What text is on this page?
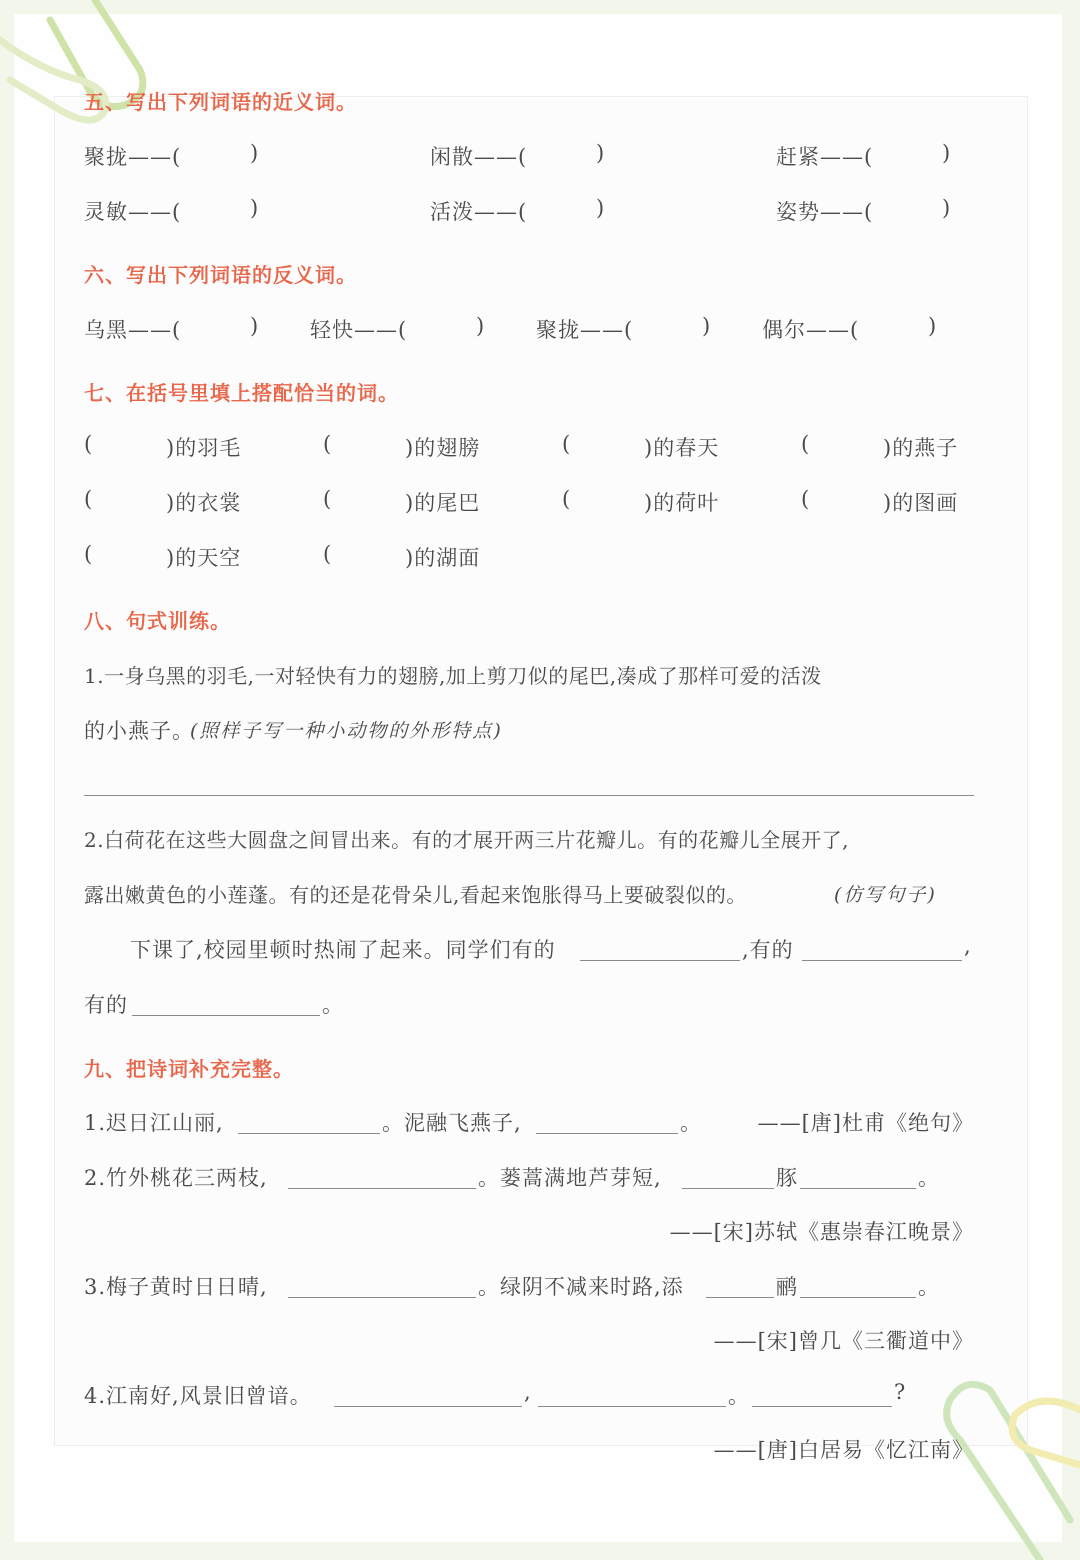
五、写出下列词语的近义词。
聚拢——(	)	闲散——(	)	赶紧——(	)
灵敏——(	)	活泼——(	)	姿势——(	)
六、写出下列词语的反义词。
乌黑——(	) 轻快——(	) 聚拢——(	) 偶尔——(	)
七、在括号里填上搭配恰当的词。
(	)的羽毛	(	)的翅膀	(	)的春天	(	)的燕子
(	)的衣裳	(	)的尾巴	(	)的荷叶	(	)的图画
(	)的天空	(	)的湖面
八、句式训练。
1.一身乌黑的羽毛,一对轻快有力的翅膀,加上剪刀似的尾巴,凑成了那样可爱的活泼
的小燕子。
(照样子写一种小动物的外形特点)
2.白荷花在这些大圆盘之间冒出来。有的才展开两三片花瓣儿。有的花瓣儿全展开了,
露出嫩黄色的小莲蓬。有的还是花骨朵儿,看起来饱胀得马上要破裂似的。	(仿写句子)
下课了,校园里顿时热闹了起来。同学们有的	,有的	,
有的	。
九、把诗词补充完整。
1.迟日江山丽,	。泥融飞燕子,	。	——[唐]杜甫《绝句》
2.竹外桃花三两枝,	。蒌蒿满地芦芽短,	豚	。
——[宋]苏轼《惠崇春江晚景》
3.梅子黄时日日晴,	。绿阴不减来时路,添	鹂	。
——[宋]曾几《三衢道中》
4.江南好,风景旧曾谙。	,	。	?
——[唐]白居易《忆江南》
